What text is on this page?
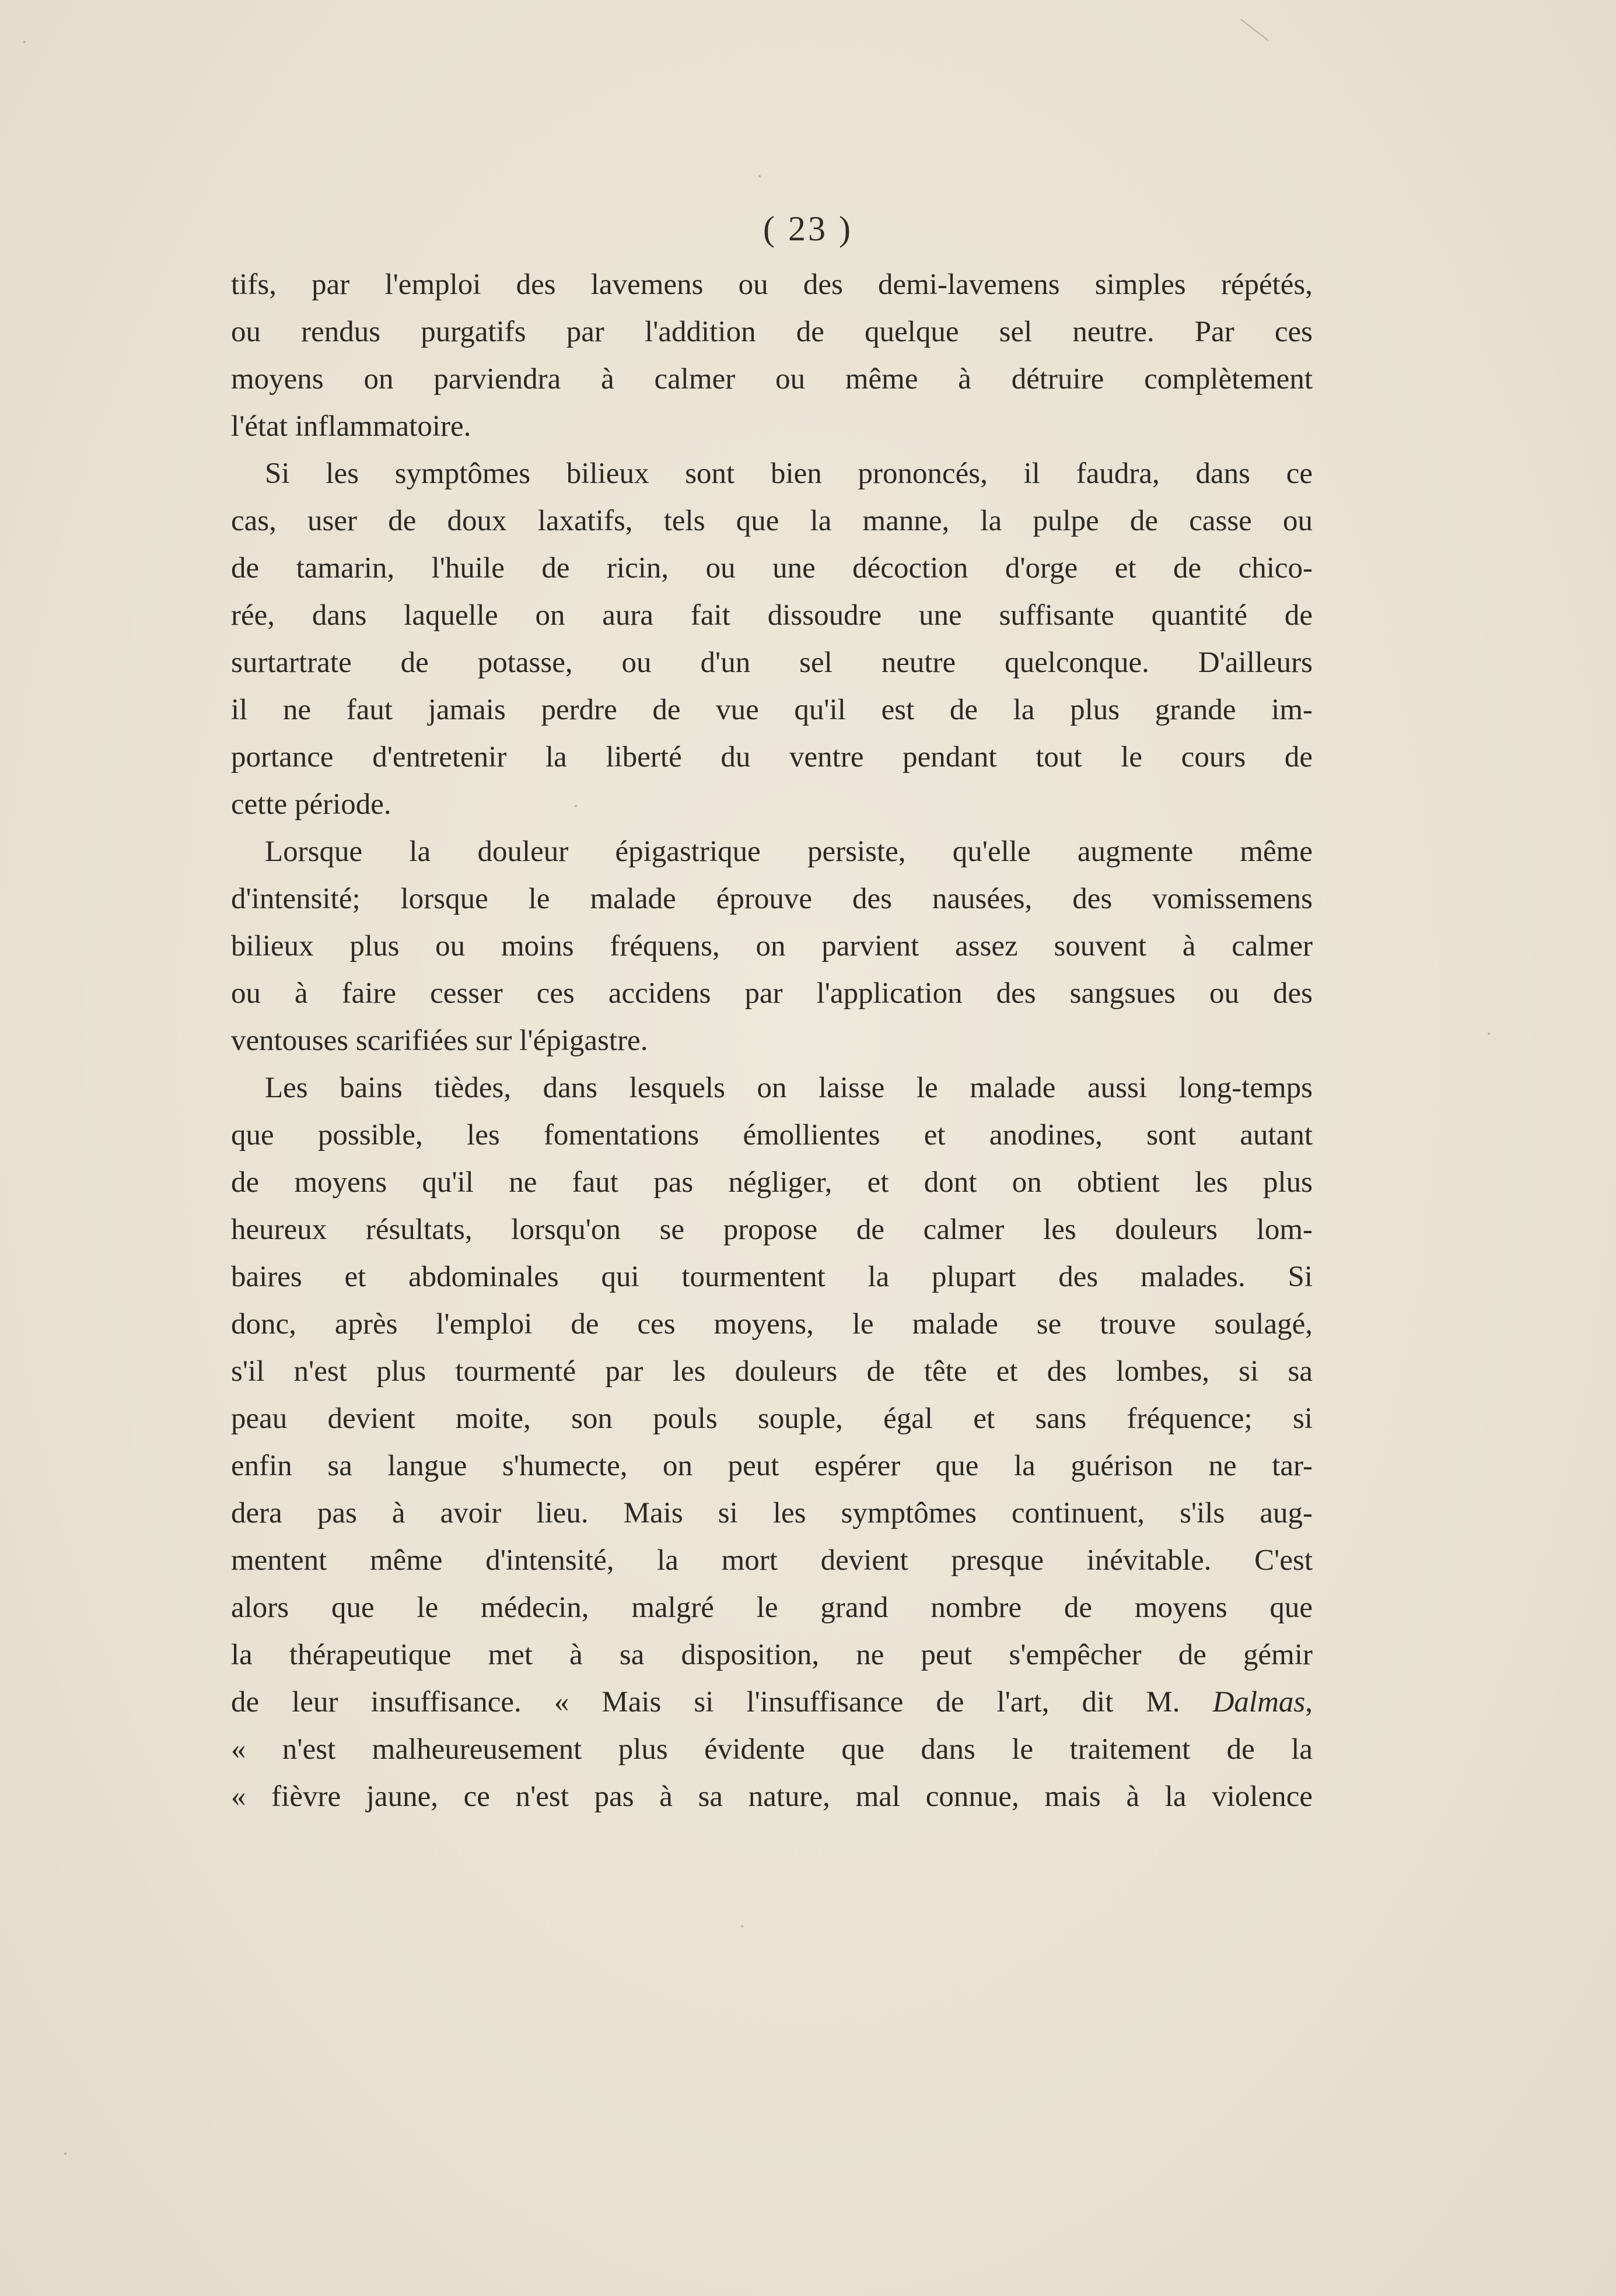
( 23 )
tifs, par l'emploi des lavemens ou des demi-lavemens simples répétés,
ou rendus purgatifs par l'addition de quelque sel neutre. Par ces
moyens on parviendra à calmer ou même à détruire complètement
l'état inflammatoire.
Si les symptômes bilieux sont bien prononcés, il faudra, dans ce
cas, user de doux laxatifs, tels que la manne, la pulpe de casse ou
de tamarin, l'huile de ricin, ou une décoction d'orge et de chico-
rée, dans laquelle on aura fait dissoudre une suffisante quantité de
surtartrate de potasse, ou d'un sel neutre quelconque. D'ailleurs
il ne faut jamais perdre de vue qu'il est de la plus grande im-
portance d'entretenir la liberté du ventre pendant tout le cours de
cette période.
Lorsque la douleur épigastrique persiste, qu'elle augmente même
d'intensité; lorsque le malade éprouve des nausées, des vomissemens
bilieux plus ou moins fréquens, on parvient assez souvent à calmer
ou à faire cesser ces accidens par l'application des sangsues ou des
ventouses scarifiées sur l'épigastre.
Les bains tièdes, dans lesquels on laisse le malade aussi long-temps
que possible, les fomentations émollientes et anodines, sont autant
de moyens qu'il ne faut pas négliger, et dont on obtient les plus
heureux résultats, lorsqu'on se propose de calmer les douleurs lom-
baires et abdominales qui tourmentent la plupart des malades. Si
donc, après l'emploi de ces moyens, le malade se trouve soulagé,
s'il n'est plus tourmenté par les douleurs de tête et des lombes, si sa
peau devient moite, son pouls souple, égal et sans fréquence; si
enfin sa langue s'humecte, on peut espérer que la guérison ne tar-
dera pas à avoir lieu. Mais si les symptômes continuent, s'ils aug-
mentent même d'intensité, la mort devient presque inévitable. C'est
alors que le médecin, malgré le grand nombre de moyens que
la thérapeutique met à sa disposition, ne peut s'empêcher de gémir
de leur insuffisance. « Mais si l'insuffisance de l'art, dit M. Dalmas,
« n'est malheureusement plus évidente que dans le traitement de la
« fièvre jaune, ce n'est pas à sa nature, mal connue, mais à la violence
